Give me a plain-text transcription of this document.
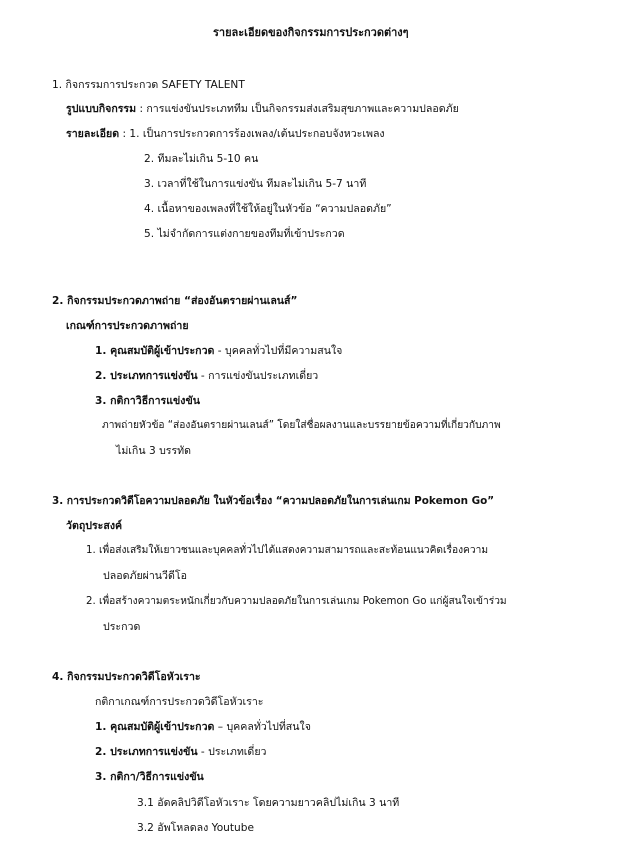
รายละเอียดของกิจกรรมการประกวดต่างๆ
1. กิจกรรมการประกวด SAFETY TALENT
รูปแบบกิจกรรม : การแข่งขันประเภททีม เป็นกิจกรรมส่งเสริมสุขภาพและความปลอดภัย
รายละเอียด : 1. เป็นการประกวดการร้องเพลง/เต้นประกอบจังหวะเพลง
2. ทีมละไม่เกิน 5-10 คน
3. เวลาที่ใช้ในการแข่งขัน ทีมละไม่เกิน 5-7 นาที
4. เนื้อหาของเพลงที่ใช้ให้อยู่ในหัวข้อ “ความปลอดภัย”
5. ไม่จำกัดการแต่งกายของทีมที่เข้าประกวด
2. กิจกรรมประกวดภาพถ่าย “ส่องอันตรายผ่านเลนส์”
เกณฑ์การประกวดภาพถ่าย
1. คุณสมบัติผู้เข้าประกวด - บุคคลทั่วไปที่มีความสนใจ
2. ประเภทการแข่งขัน - การแข่งขันประเภทเดี่ยว
3. กติกาวิธีการแข่งขัน
ภาพถ่ายหัวข้อ “ส่องอันตรายผ่านเลนส์” โดยใส่ชื่อผลงานและบรรยายข้อความที่เกี่ยวกับภาพ
ไม่เกิน 3 บรรทัด
3. การประกวดวิดีโอความปลอดภัย ในหัวข้อเรื่อง “ความปลอดภัยในการเล่นเกม Pokemon Go”
วัตถุประสงค์
1. เพื่อส่งเสริมให้เยาวชนและบุคคลทั่วไปได้แสดงความสามารถและสะท้อนแนวคิดเรื่องความ
ปลอดภัยผ่านวีดีโอ
2. เพื่อสร้างความตระหนักเกี่ยวกับความปลอดภัยในการเล่นเกม Pokemon Go แก่ผู้สนใจเข้าร่วม
ประกวด
4. กิจกรรมประกวดวิดีโอหัวเราะ
กติกาเกณฑ์การประกวดวิดีโอหัวเราะ
1. คุณสมบัติผู้เข้าประกวด – บุคคลทั่วไปที่สนใจ
2. ประเภทการแข่งขัน - ประเภทเดี่ยว
3. กติกา/วิธีการแข่งขัน
3.1 อัดคลิปวิดีโอหัวเราะ โดยความยาวคลิปไม่เกิน 3 นาที
3.2 อัพโหลดลง Youtube
